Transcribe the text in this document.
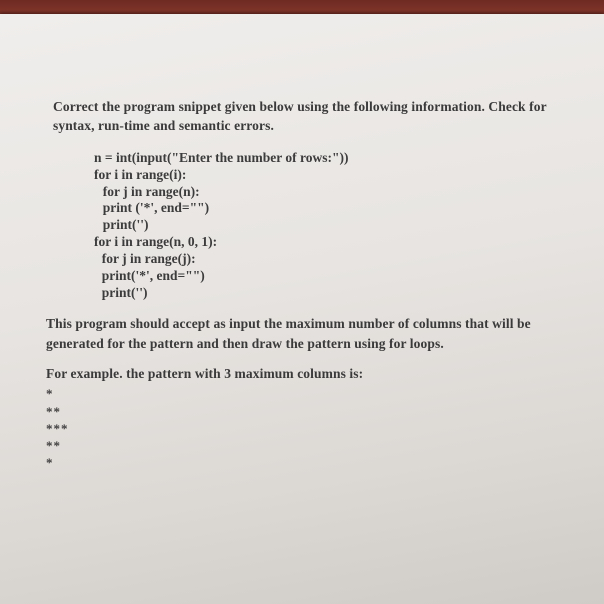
Correct the program snippet given below using the following information. Check for
syntax, run-time and semantic errors.
n = int(input("Enter the number of rows:"))
for i in range(i):
for j in range(n):
print ('*', end="")
print('')
for i in range(n, 0, 1):
for j in range(j):
print('*', end="")
print('')
This program should accept as input the maximum number of columns that will be
generated for the pattern and then draw the pattern using for loops.
For example. the pattern with 3 maximum columns is:
*
**
***
**
*
